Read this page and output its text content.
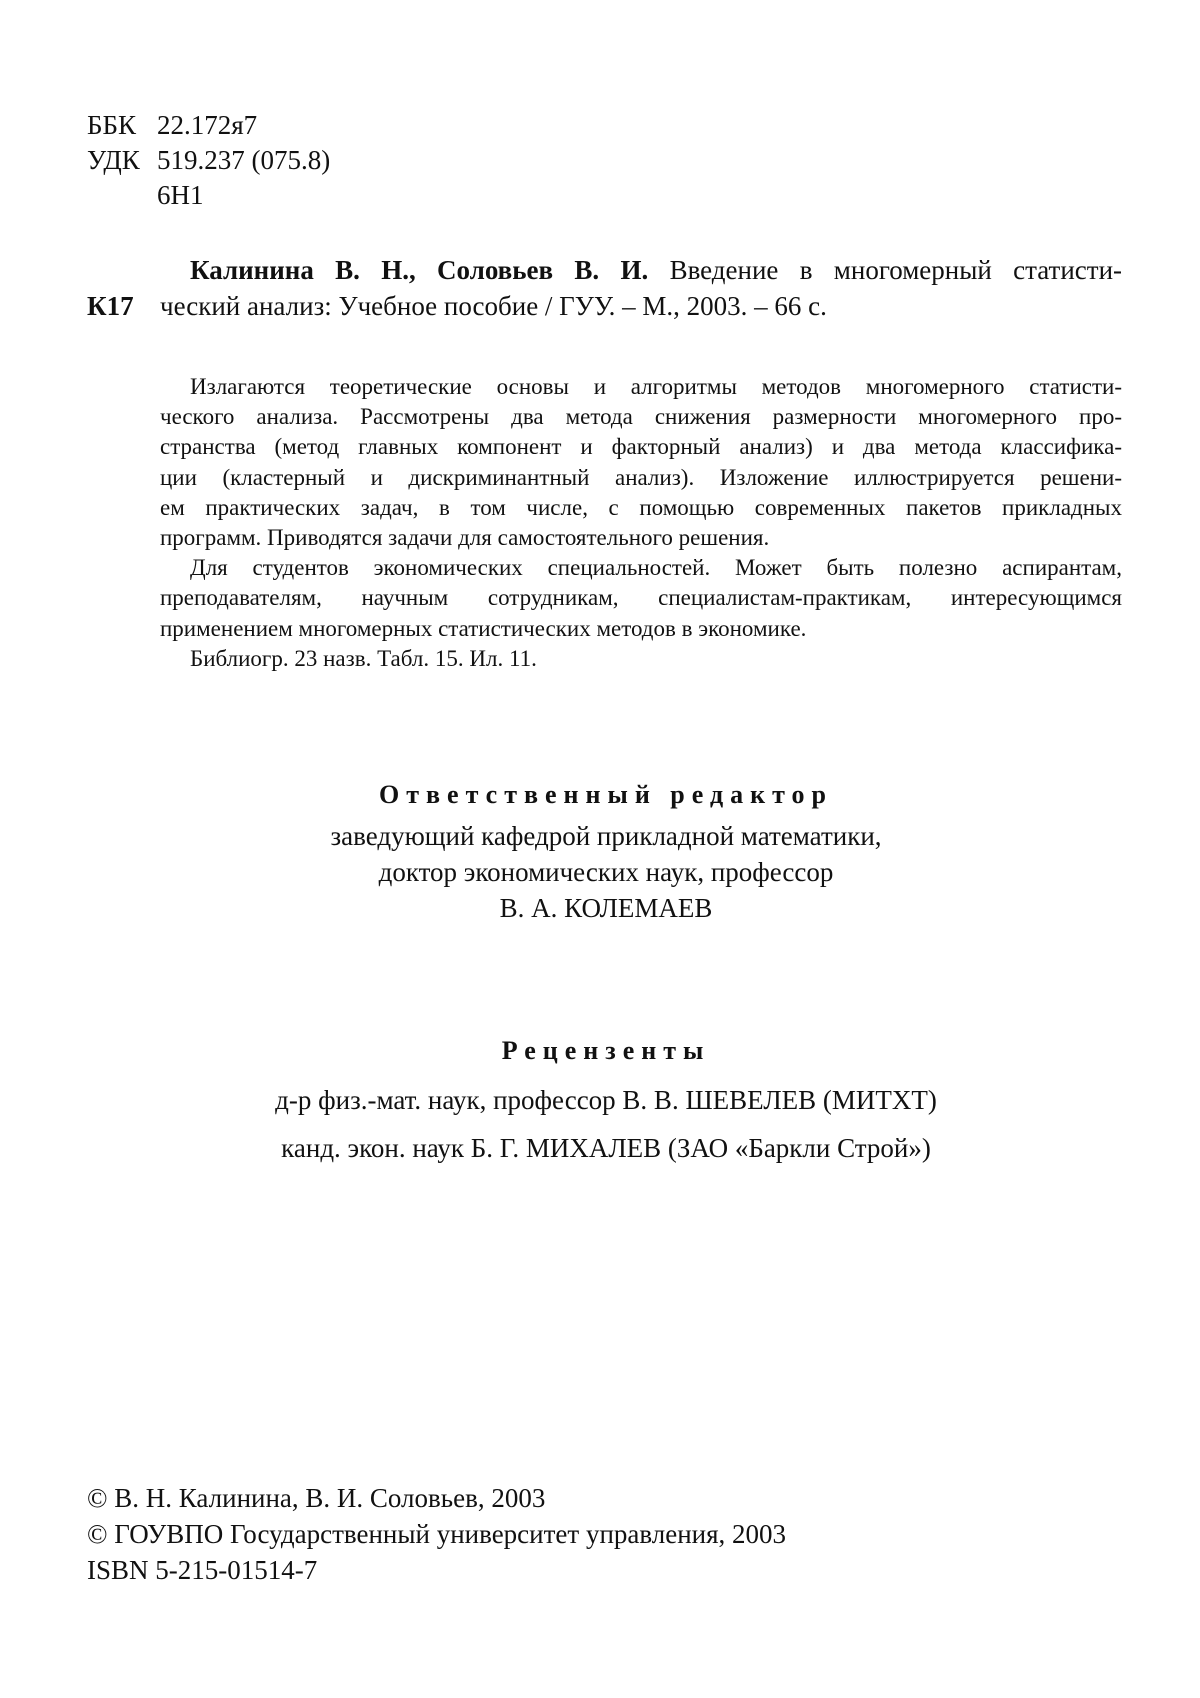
ББК 22.172я7
УДК 519.237 (075.8)
6Н1
К17
Калинина В. Н., Соловьев В. И. Введение в многомерный статисти-
ческий анализ: Учебное пособие / ГУУ. – М., 2003. – 66 с.
Излагаются теоретические основы и алгоритмы методов многомерного статисти-
ческого анализа. Рассмотрены два метода снижения размерности многомерного про-
странства (метод главных компонент и факторный анализ) и два метода классифика-
ции (кластерный и дискриминантный анализ). Изложение иллюстрируется решени-
ем практических задач, в том числе, с помощью современных пакетов прикладных
программ. Приводятся задачи для самостоятельного решения.
Для студентов экономических специальностей. Может быть полезно аспирантам,
преподавателям, научным сотрудникам, специалистам-практикам, интересующимся
применением многомерных статистических методов в экономике.
Библиогр. 23 назв. Табл. 15. Ил. 11.
Ответственный редактор
заведующий кафедрой прикладной математики,
доктор экономических наук, профессор
В. А. КОЛЕМАЕВ
Рецензенты
д-р физ.-мат. наук, профессор В. В. ШЕВЕЛЕВ (МИТХТ)
канд. экон. наук Б. Г. МИХАЛЕВ (ЗАО «Баркли Строй»)
© В. Н. Калинина, В. И. Соловьев, 2003
© ГОУВПО Государственный университет управления, 2003
ISBN 5-215-01514-7
